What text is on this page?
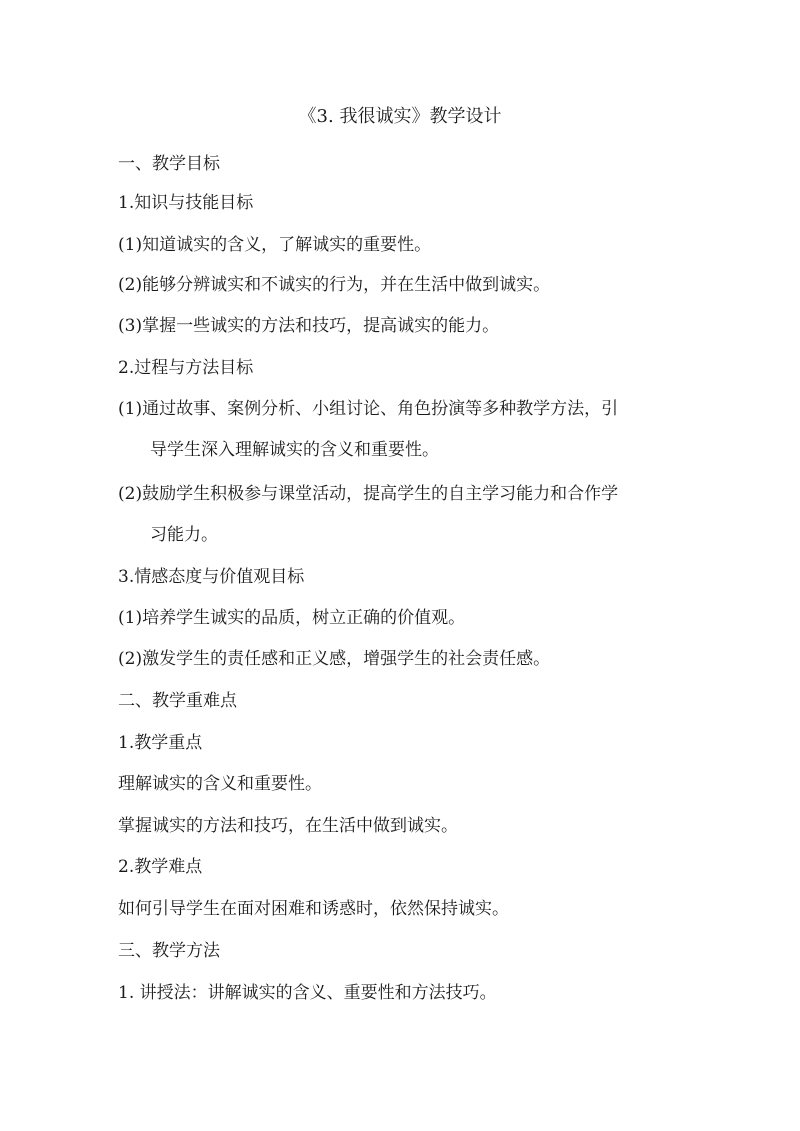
《3. 我很诚实》教学设计
一、教学目标
1.知识与技能目标
(1)知道诚实的含义，了解诚实的重要性。
(2)能够分辨诚实和不诚实的行为，并在生活中做到诚实。
(3)掌握一些诚实的方法和技巧，提高诚实的能力。
2.过程与方法目标
(1)通过故事、案例分析、小组讨论、角色扮演等多种教学方法，引
导学生深入理解诚实的含义和重要性。
(2)鼓励学生积极参与课堂活动，提高学生的自主学习能力和合作学
习能力。
3.情感态度与价值观目标
(1)培养学生诚实的品质，树立正确的价值观。
(2)激发学生的责任感和正义感，增强学生的社会责任感。
二、教学重难点
1.教学重点
理解诚实的含义和重要性。
掌握诚实的方法和技巧，在生活中做到诚实。
2.教学难点
如何引导学生在面对困难和诱惑时，依然保持诚实。
三、教学方法
1. 讲授法：讲解诚实的含义、重要性和方法技巧。
